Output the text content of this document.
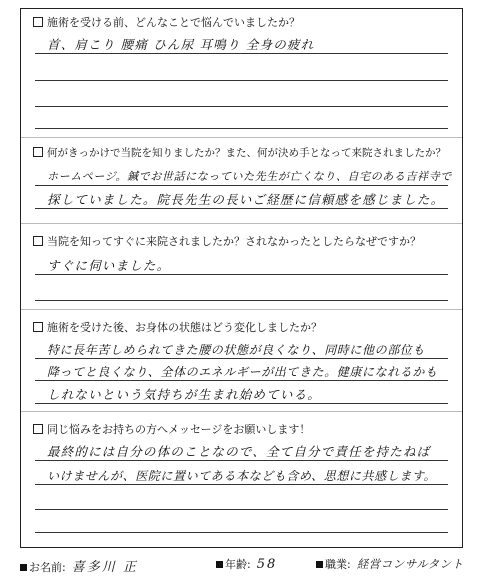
施術を受ける前、どんなことで悩んでいましたか？
首、肩こり 腰痛 ひん尿 耳鳴り 全身の疲れ
何がきっかけで当院を知りましたか？また、何が決め手となって来院されましたか？
ホームページ。鍼でお世話になっていた先生が亡くなり、自宅のある吉祥寺で
探していました。院長先生の長いご経歴に信頼感を感じました。
当院を知ってすぐに来院されましたか？されなかったとしたらなぜですか？
すぐに伺いました。
施術を受けた後、お身体の状態はどう変化しましたか？
特に長年苦しめられてきた腰の状態が良くなり、同時に他の部位も
降ってと良くなり、全体のエネルギーが出てきた。健康になれるかも
しれないという気持ちが生まれ始めている。
同じ悩みをお持ちの方へメッセージをお願いします！
最終的には自分の体のことなので、全て自分で責任を持たねば
いけませんが、医院に置いてある本なども含め、思想に共感します。
お名前: 喜多川 正	年齢: 58	職業: 経営コンサルタント
